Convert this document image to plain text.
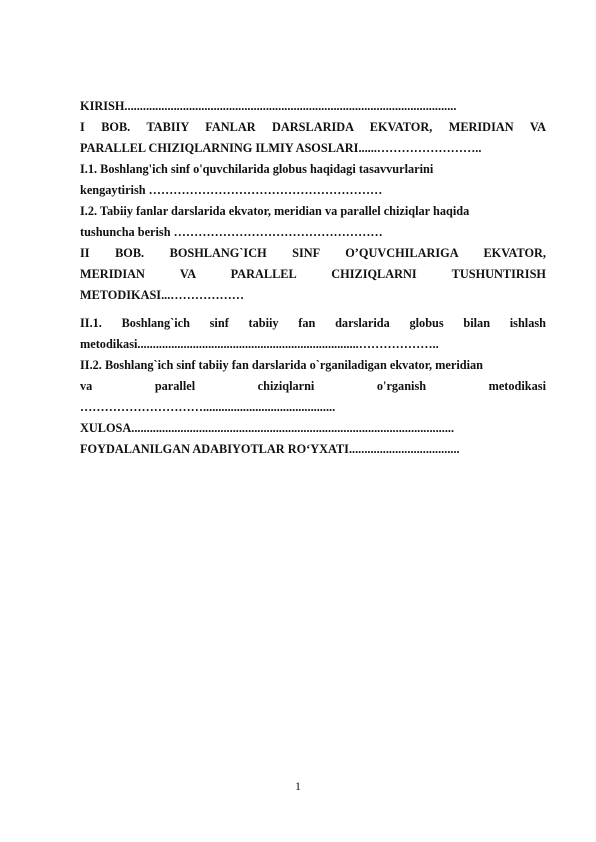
KIRISH............................................................................................................
I BOB. TABIIY FANLAR DARSLARIDA EKVATOR, MERIDIAN VA
PARALLEL CHIZIQLARNING ILMIY ASOSLARI......……………………..
I.1. Boshlang'ich sinf o'quvchilarida globus haqidagi tasavvurlarini
kengaytirish …………………………………………………
I.2. Tabiiy fanlar darslarida ekvator, meridian va parallel chiziqlar haqida
tushuncha berish ……………………………………………
II BOB. BOSHLANG`ICH SINF O’QUVCHILARIGA EKVATOR,
MERIDIAN VA PARALLEL CHIZIQLARNI TUSHUNTIRISH
METODIKASI...………………
II.1. Boshlang`ich sinf tabiiy fan darslarida globus bilan ishlash
metodikasi........................................................................………………..
II.2. Boshlang`ich sinf tabiiy fan darslarida o`rganiladigan ekvator, meridian
va parallel chiziqlarni o'rganish metodikasi
…………………………...........................................
XULOSA.........................................................................................................
FOYDALANILGAN ADABIYOTLAR RO‘YXATI....................................
1
